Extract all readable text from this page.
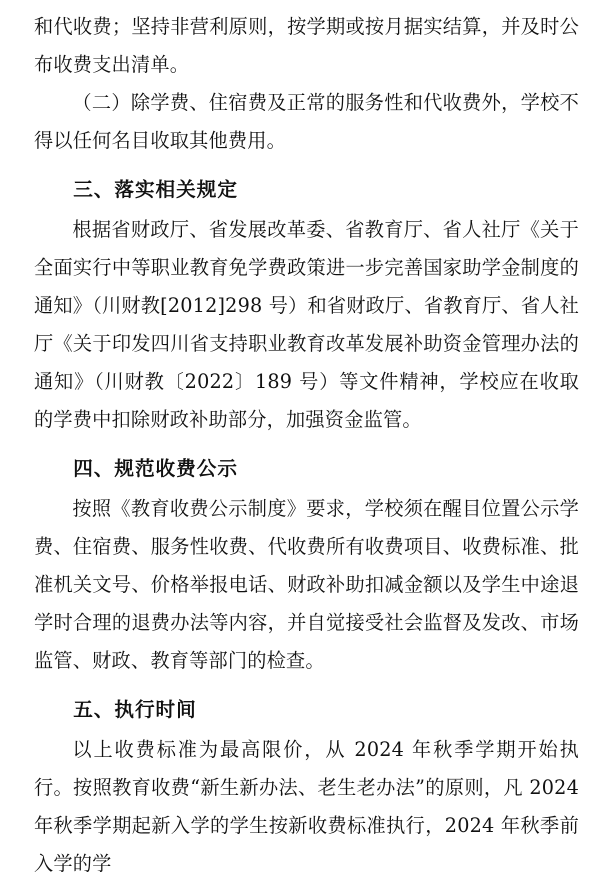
和代收费；坚持非营利原则，按学期或按月据实结算，并及时公布收费支出清单。

（二）除学费、住宿费及正常的服务性和代收费外，学校不得以任何名目收取其他费用。

三、落实相关规定

根据省财政厅、省发展改革委、省教育厅、省人社厅《关于全面实行中等职业教育免学费政策进一步完善国家助学金制度的通知》（川财教[2012]298 号）和省财政厅、省教育厅、省人社厅《关于印发四川省支持职业教育改革发展补助资金管理办法的通知》（川财教〔2022〕189 号）等文件精神，学校应在收取的学费中扣除财政补助部分，加强资金监管。

四、规范收费公示

按照《教育收费公示制度》要求，学校须在醒目位置公示学费、住宿费、服务性收费、代收费所有收费项目、收费标准、批准机关文号、价格举报电话、财政补助扣减金额以及学生中途退学时合理的退费办法等内容，并自觉接受社会监督及发改、市场监管、财政、教育等部门的检查。

五、执行时间

以上收费标准为最高限价，从 2024 年秋季学期开始执行。按照教育收费“新生新办法、老生老办法”的原则，凡 2024 年秋季学期起新入学的学生按新收费标准执行，2024 年秋季前入学的学
